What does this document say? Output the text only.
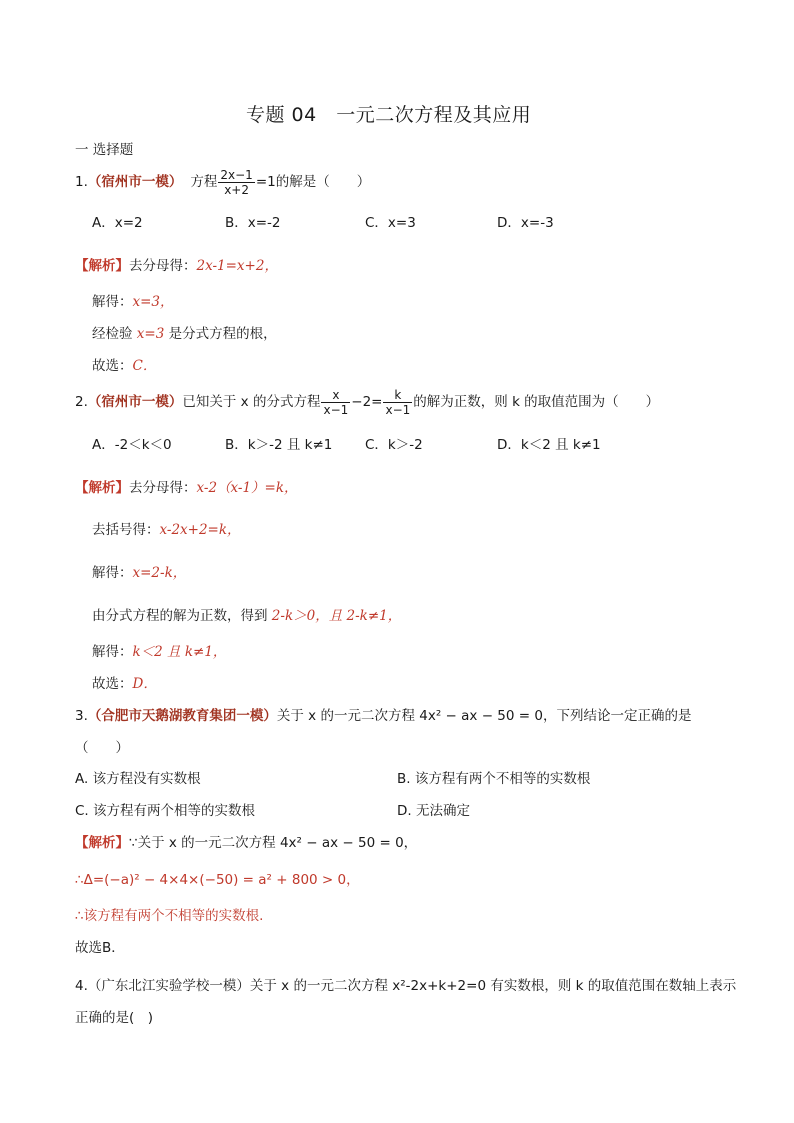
专题 04　一元二次方程及其应用
一 选择题
1. （宿州市一模） 方程 $\frac{2x-1}{x+2} =1$的解是（　　）
A．x=2	B．x=-2	C．x=3	D．x=-3
【解析】去分母得：2x-1=x+2，
解得：x=3，
经检验 x=3 是分式方程的根，
故选：C．
2. （宿州市一模） 已知关于 x 的分式方程 $\frac{x}{x-1} -2= \frac{k}{x-1}$ 的解为正数，则 k 的取值范围为（　　）
A．-2＜k＜0	B．k＞-2 且 k≠1 C．k＞-2	D．k＜2 且 k≠1
【解析】去分母得：x-2（x-1）=k，
去括号得：x-2x+2=k，
解得：x=2-k，
由分式方程的解为正数，得到 2-k＞0，且 2-k≠1，
解得：k＜2 且 k≠1，
故选：D．
3.（合肥市天鹅湖教育集团一模）关于 x 的一元二次方程 4x² − ax − 50 = 0，下列结论一定正确的是
（　　）
A. 该方程没有实数根	B. 该方程有两个不相等的实数根
C. 该方程有两个相等的实数根	D. 无法确定
【解析】∵关于 x 的一元二次方程 4x² − ax − 50 = 0，
∴Δ=(−a)² − 4×4×(−50) = a² + 800 > 0，
∴该方程有两个不相等的实数根.
故选B．
4.（广东北江实验学校一模）关于 x 的一元二次方程 x²-2x+k+2=0 有实数根，则 k 的取值范围在数轴上表示
正确的是(　)
